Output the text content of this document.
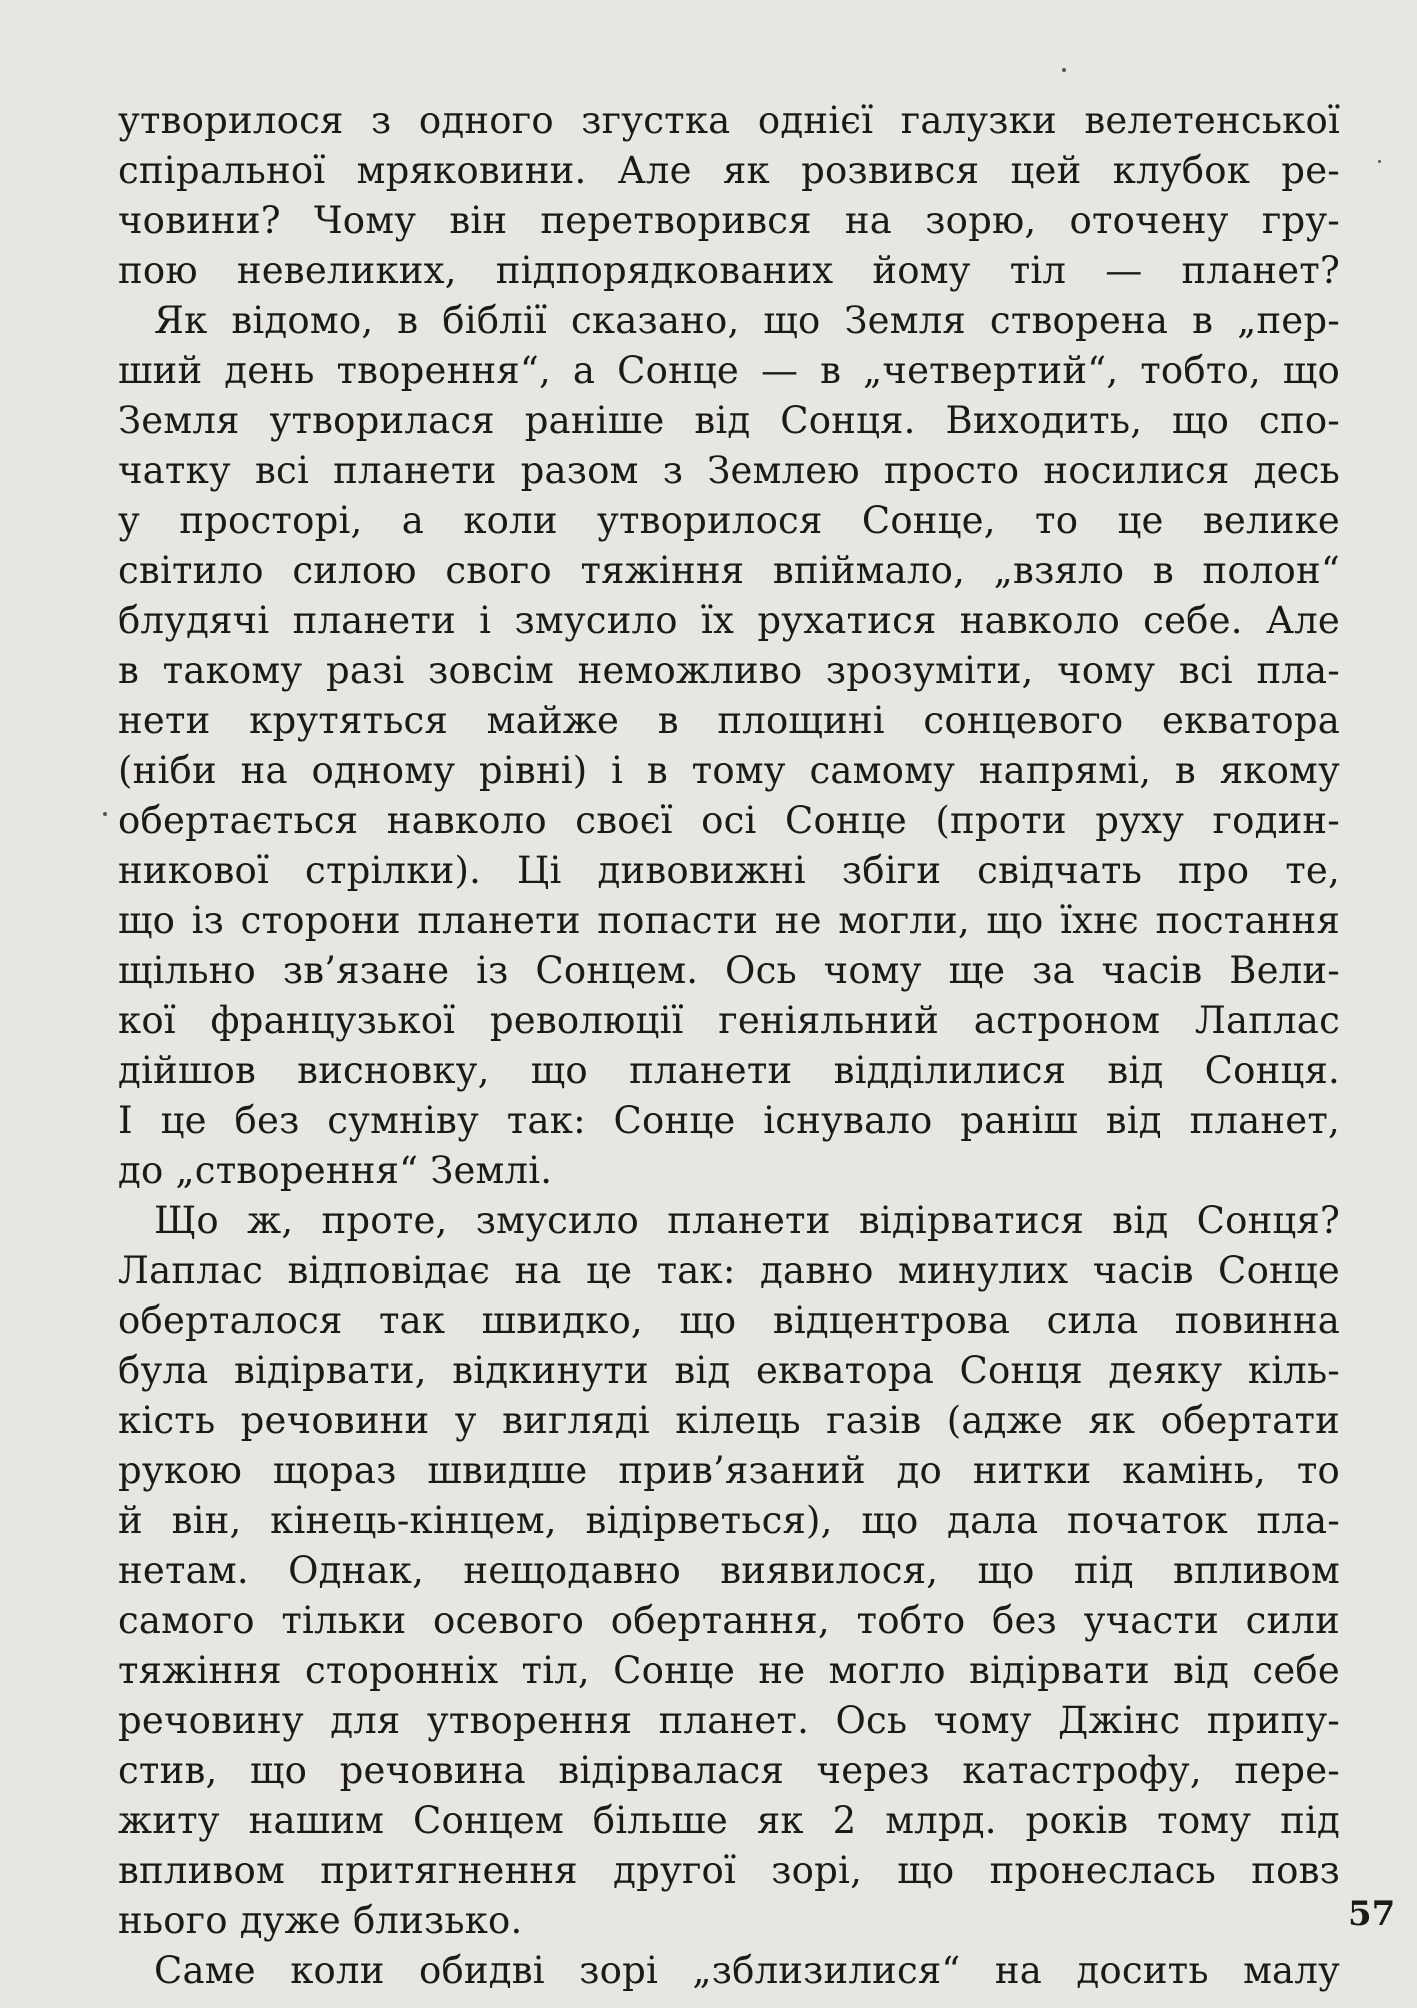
утворилося з одного згустка однієї галузки велетенської
спіральної мряковини. Але як розвився цей клубок ре-
човини? Чому він перетворився на зорю, оточену гру-
пою невеликих, підпорядкованих йому тіл — планет?
Як відомо, в біблії сказано, що Земля створена в „пер-
ший день творення“, а Сонце — в „четвертий“, тобто, що
Земля утворилася раніше від Сонця. Виходить, що спо-
чатку всі планети разом з Землею просто носилися десь
у просторі, а коли утворилося Сонце, то це велике
світило силою свого тяжіння впіймало, „взяло в полон“
блудячі планети і змусило їх рухатися навколо себе. Але
в такому разі зовсім неможливо зрозуміти, чому всі пла-
нети крутяться майже в площині сонцевого екватора
(ніби на одному рівні) і в тому самому напрямі, в якому
обертається навколо своєї осі Сонце (проти руху годин-
никової стрілки). Ці дивовижні збіги свідчать про те,
що із сторони планети попасти не могли, що їхнє постання
щільно зв’язане із Сонцем. Ось чому ще за часів Вели-
кої французької революції геніяльний астроном Лаплас
дійшов висновку, що планети відділилися від Сонця.
І це без сумніву так: Сонце існувало раніш від планет,
до „створення“ Землі.
Що ж, проте, змусило планети відірватися від Сонця?
Лаплас відповідає на це так: давно минулих часів Сонце
оберталося так швидко, що відцентрова сила повинна
була відірвати, відкинути від екватора Сонця деяку кіль-
кість речовини у вигляді кілець газів (адже як обертати
рукою щораз швидше прив’язаний до нитки камінь, то
й він, кінець-кінцем, відірветься), що дала початок пла-
нетам. Однак, нещодавно виявилося, що під впливом
самого тільки осевого обертання, тобто без участи сили
тяжіння сторонніх тіл, Сонце не могло відірвати від себе
речовину для утворення планет. Ось чому Джінс припу-
стив, що речовина відірвалася через катастрофу, пере-
житу нашим Сонцем більше як 2 млрд. років тому під
впливом притягнення другої зорі, що пронеслась повз
нього дуже близько.
Саме коли обидві зорі „зблизилися“ на досить малу
57
